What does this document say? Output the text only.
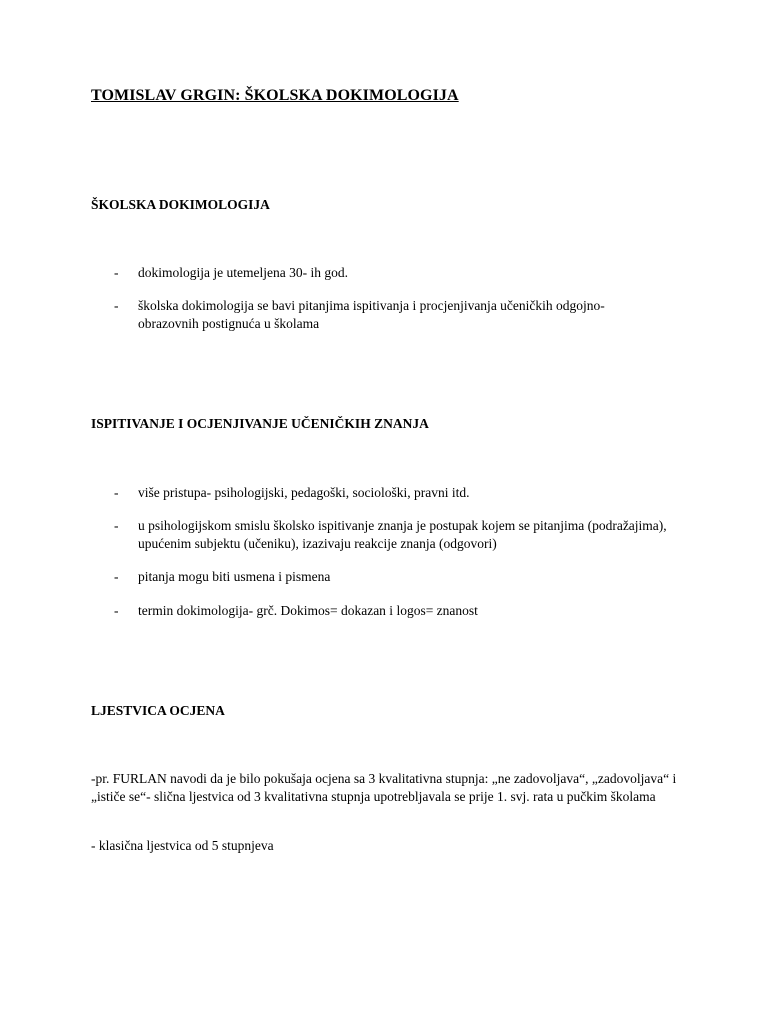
TOMISLAV GRGIN: ŠKOLSKA DOKIMOLOGIJA
ŠKOLSKA DOKIMOLOGIJA
- dokimologija je utemeljena 30- ih god.
- školska dokimologija se bavi pitanjima ispitivanja i procjenjivanja učeničkih odgojno- obrazovnih postignuća u školama
ISPITIVANJE I OCJENJIVANJE UČENIČKIH ZNANJA
- više pristupa- psihologijski, pedagoški, sociološki, pravni itd.
- u psihologijskom smislu školsko ispitivanje znanja je postupak kojem se pitanjima (podražajima), upućenim subjektu (učeniku), izazivaju reakcije znanja (odgovori)
- pitanja mogu biti usmena i pismena
- termin dokimologija- grč. Dokimos= dokazan i logos= znanost
LJESTVICA OCJENA

-pr. FURLAN navodi da je bilo pokušaja ocjena sa 3 kvalitativna stupnja: „ne zadovoljava“, „zadovoljava“ i „ističe se“- slična ljestvica od 3 kvalitativna stupnja upotrebljavala se prije 1. svj. rata u pučkim školama

- klasična ljestvica od 5 stupnjeva
